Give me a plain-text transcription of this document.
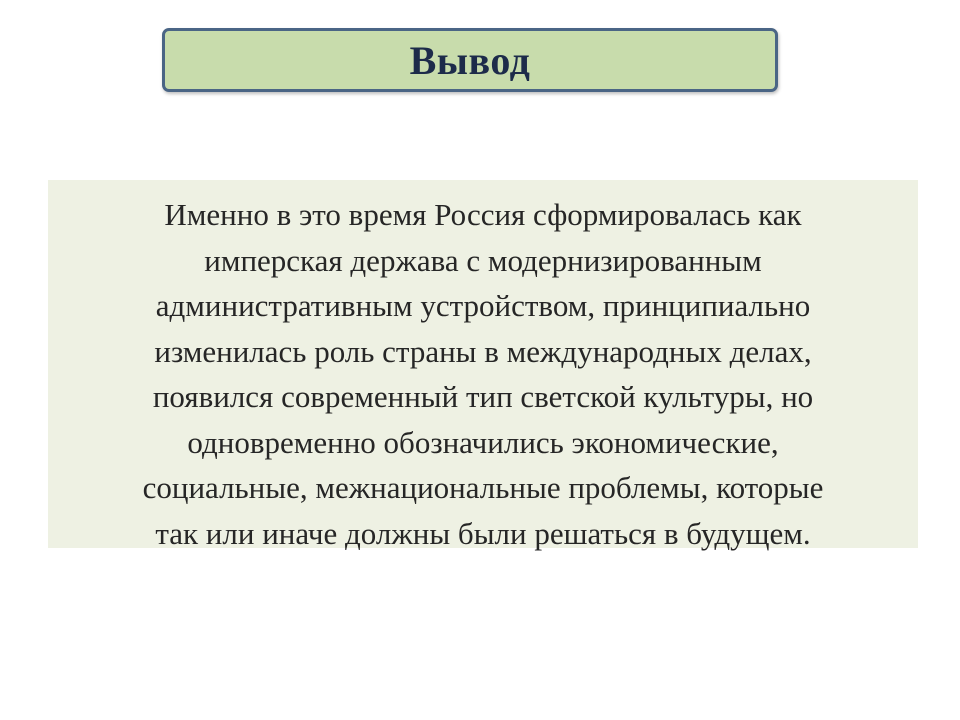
Вывод

Именно в это время Россия сформировалась как
имперская держава с модернизированным
административным устройством, принципиально
изменилась роль страны в международных делах,
появился современный тип светской культуры, но
одновременно обозначились экономические,
социальные, межнациональные проблемы, которые
так или иначе должны были решаться в будущем.
